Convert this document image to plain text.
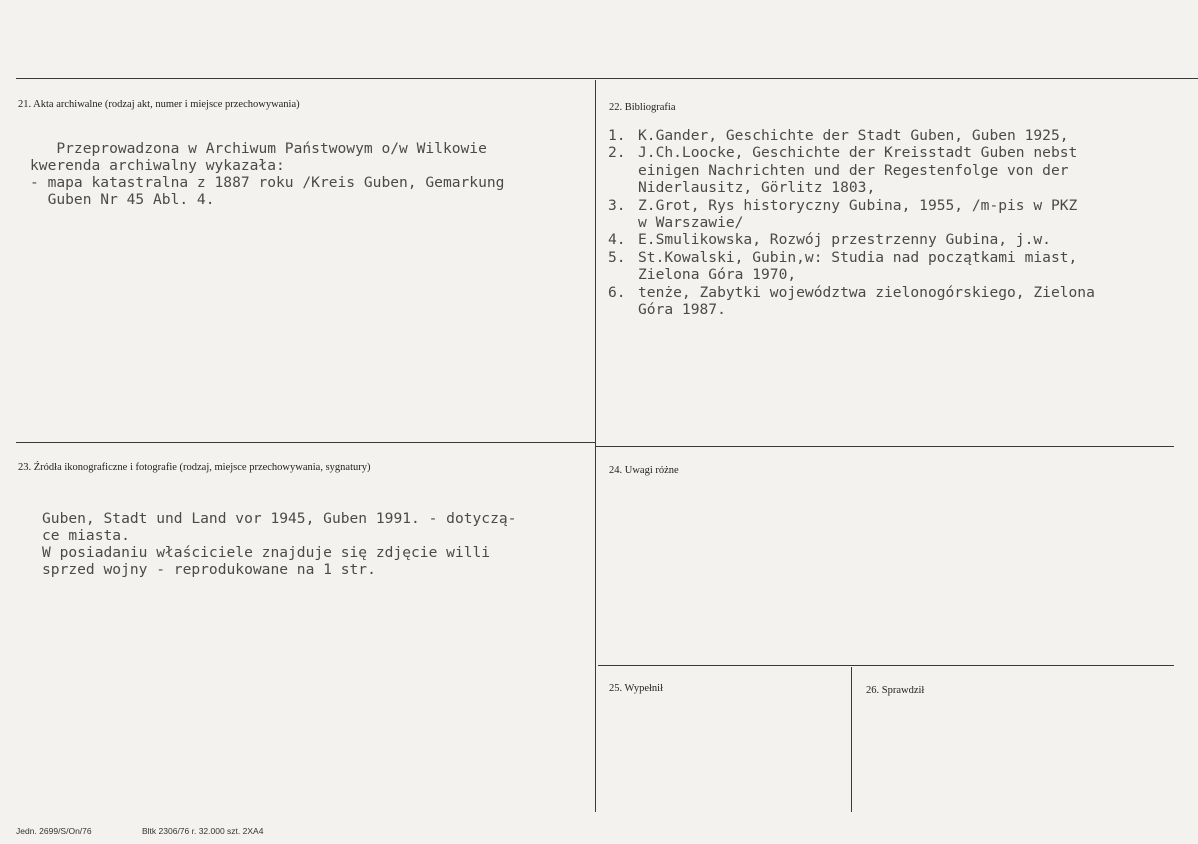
21. Akta archiwalne (rodzaj akt, numer i miejsce przechowywania)
Przeprowadzona w Archiwum Państwowym o/w Wilkowie
kwerenda archiwalny wykazała:
- mapa katastralna z 1887 roku /Kreis Guben, Gemarkung
Guben Nr 45 Abl. 4.
22. Bibliografia
1. K.Gander, Geschichte der Stadt Guben, Guben 1925,
2. J.Ch.Loocke, Geschichte der Kreisstadt Guben nebst
einigen Nachrichten und der Regestenfolge von der
Niderlausitz, Görlitz 1803,
3. Z.Grot, Rys historyczny Gubina, 1955, /m-pis w PKZ
w Warszawie/
4. E.Smulikowska, Rozwój przestrzenny Gubina, j.w.
5. St.Kowalski, Gubin,w: Studia nad początkami miast,
Zielona Góra 1970,
6. tenże, Zabytki województwa zielonogórskiego, Zielona
Góra 1987.
23. Źródła ikonograficzne i fotografie (rodzaj, miejsce przechowywania, sygnatury)
Guben, Stadt und Land vor 1945, Guben 1991. - dotyczą-
ce miasta.
W posiadaniu właściciele znajduje się zdjęcie willi
sprzed wojny - reprodukowane na 1 str.
24. Uwagi różne
25. Wypełnił	26. Sprawdził
Jedn. 2699/S/On/76	Bltk 2306/76 r. 32.000 szt. 2XA4
